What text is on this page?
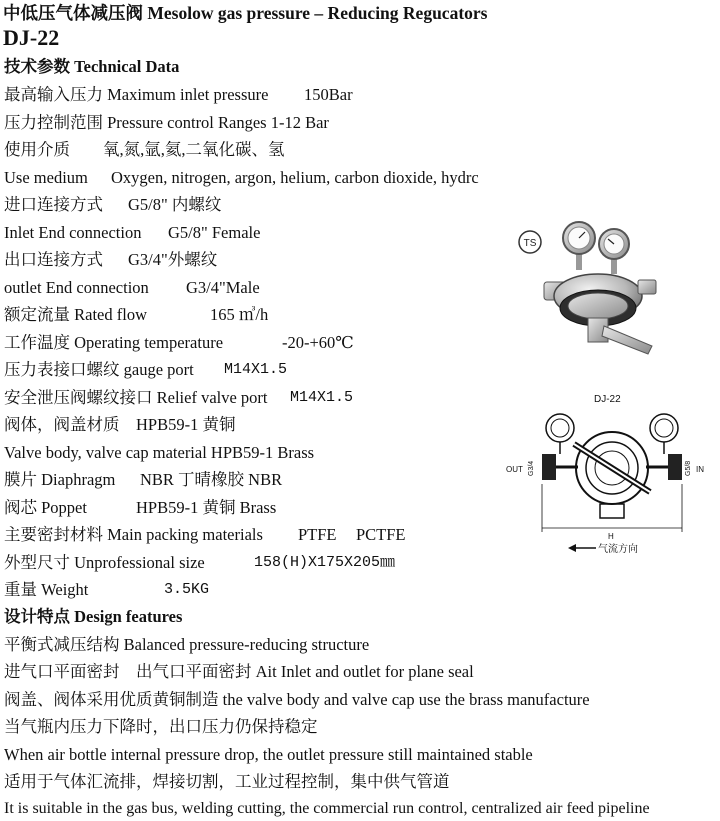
中低压气体减压阀 Mesolow gas pressure – Reducing Regucators
DJ-22
技术参数 Technical Data
最高输入压力 Maximum inlet pressure 150Bar
压力控制范围 Pressure control Ranges 1-12 Bar
使用介质 氧,氮,氩,氦,二氧化碳、氢
Use medium Oxygen, nitrogen, argon, helium, carbon dioxide, hydrc
进口连接方式 G5/8" 内螺纹
Inlet End connection G5/8" Female
出口连接方式 G3/4"外螺纹
outlet End connection G3/4"Male
额定流量 Rated flow	165 ㎥/h
工作温度 Operating temperature	-20-+60℃
压力表接口螺纹 gauge port M14X1.5
安全泄压阀螺纹接口 Relief valve port M14X1.5
阀体，阀盖材质 HPB59-1 黄铜
Valve body, valve cap material HPB59-1 Brass
膜片 Diaphragm NBR 丁晴橡胶 NBR
阀芯 Poppet	HPB59-1 黄铜 Brass
主要密封材料 Main packing materials PTFE PCTFE
外型尺寸 Unprofessional size	158(H)X175X205㎜
重量 Weight	3.5KG
设计特点 Design features
平衡式减压结构 Balanced pressure-reducing structure
进气口平面密封　出气口平面密封 Ait Inlet and outlet for plane seal
阀盖、阀体采用优质黄铜制造 the valve body and valve cap use the brass manufacture
当气瓶内压力下降时，出口压力仍保持稳定
When air bottle internal pressure drop, the outlet pressure still maintained stable
适用于气体汇流排，焊接切割，工业过程控制，集中供气管道
It is suitable in the gas bus, welding cutting, the commercial run control, centralized air feed pipeline
TS
DJ-22
OUT	IN
G3/4	G5/8
H
气流方向
